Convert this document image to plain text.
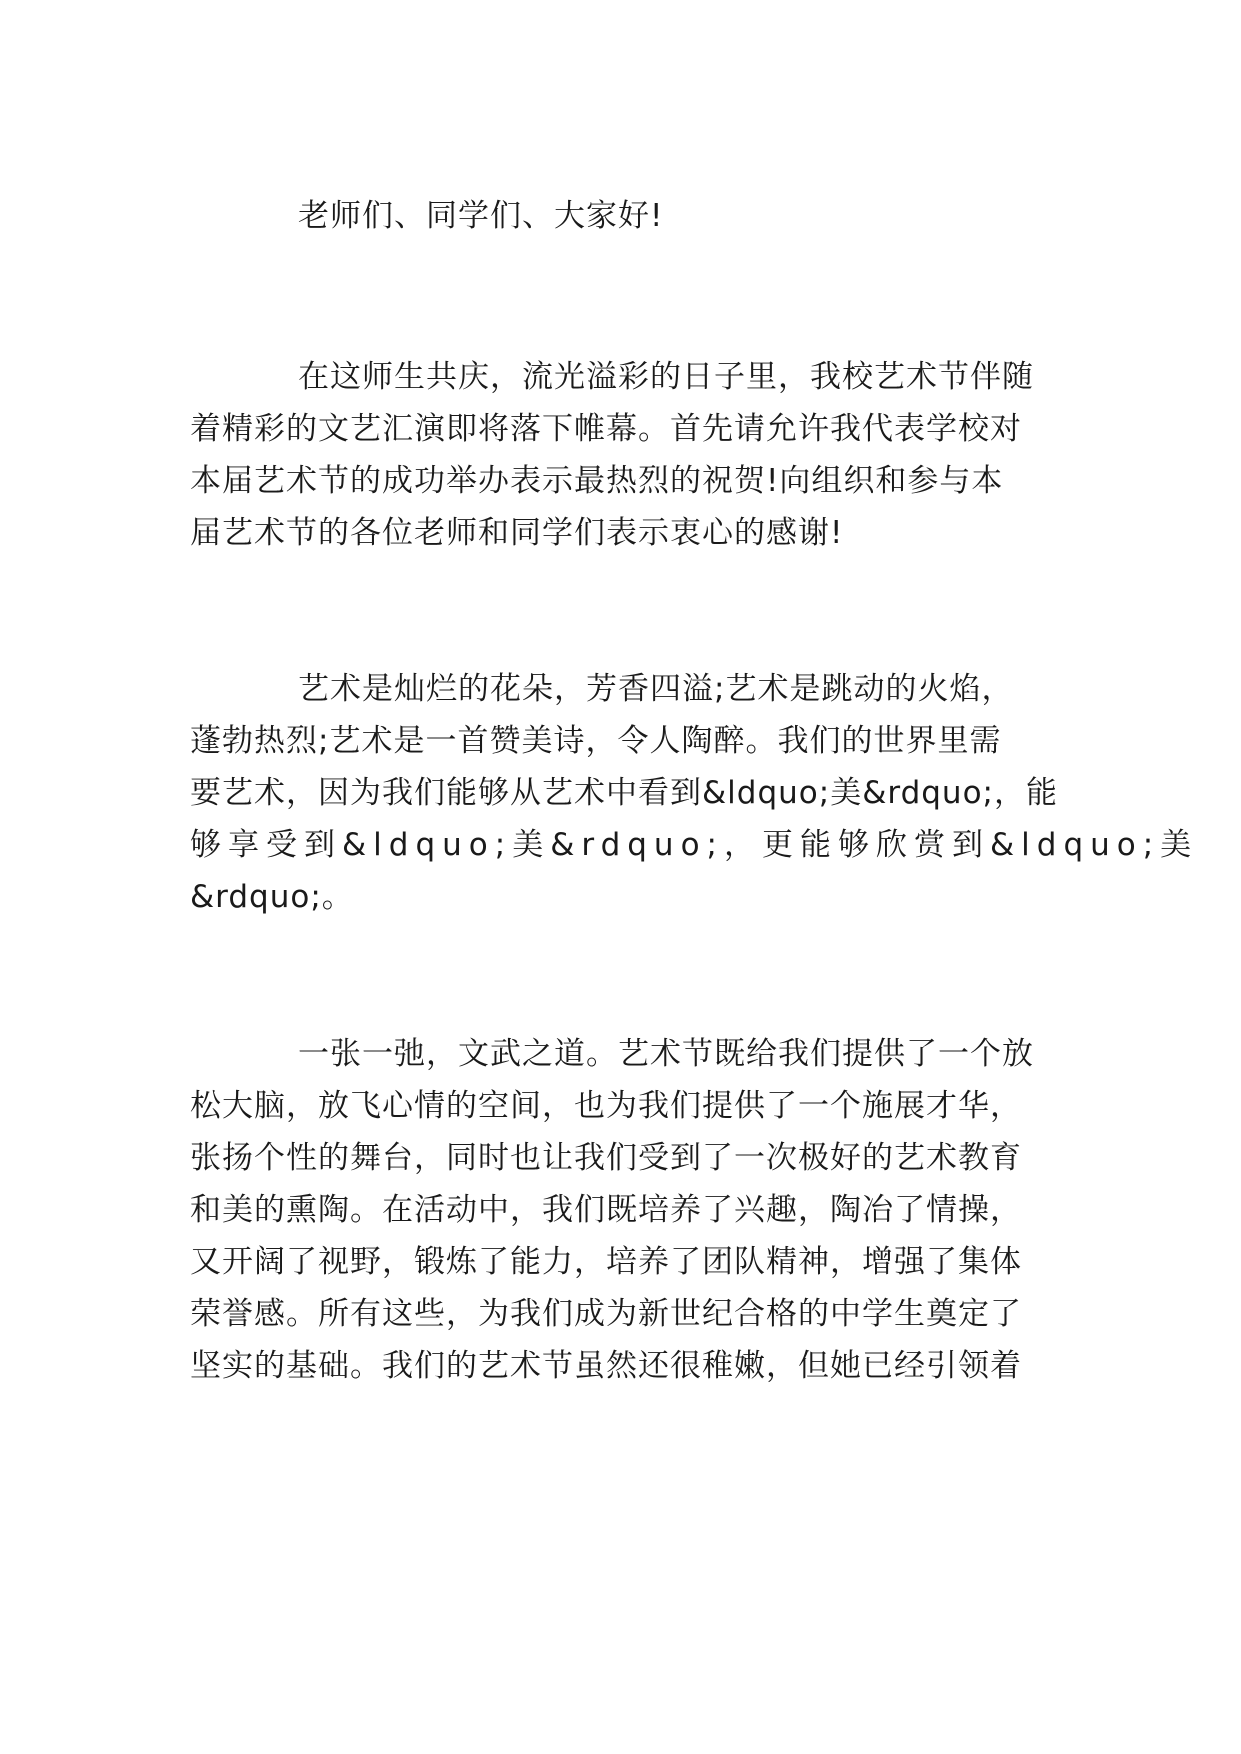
老师们、同学们、大家好!
在这师生共庆，流光溢彩的日子里，我校艺术节伴随
着精彩的文艺汇演即将落下帷幕。首先请允许我代表学校对
本届艺术节的成功举办表示最热烈的祝贺!向组织和参与本
届艺术节的各位老师和同学们表示衷心的感谢!
艺术是灿烂的花朵，芳香四溢;艺术是跳动的火焰，
蓬勃热烈;艺术是一首赞美诗，令人陶醉。我们的世界里需
要艺术，因为我们能够从艺术中看到&ldquo;美&rdquo;，能
够享受到&ldquo;美&rdquo;，更能够欣赏到&ldquo;美
&rdquo;。
一张一弛，文武之道。艺术节既给我们提供了一个放
松大脑，放飞心情的空间，也为我们提供了一个施展才华，
张扬个性的舞台，同时也让我们受到了一次极好的艺术教育
和美的熏陶。在活动中，我们既培养了兴趣，陶冶了情操，
又开阔了视野，锻炼了能力，培养了团队精神，增强了集体
荣誉感。所有这些，为我们成为新世纪合格的中学生奠定了
坚实的基础。我们的艺术节虽然还很稚嫩，但她已经引领着
